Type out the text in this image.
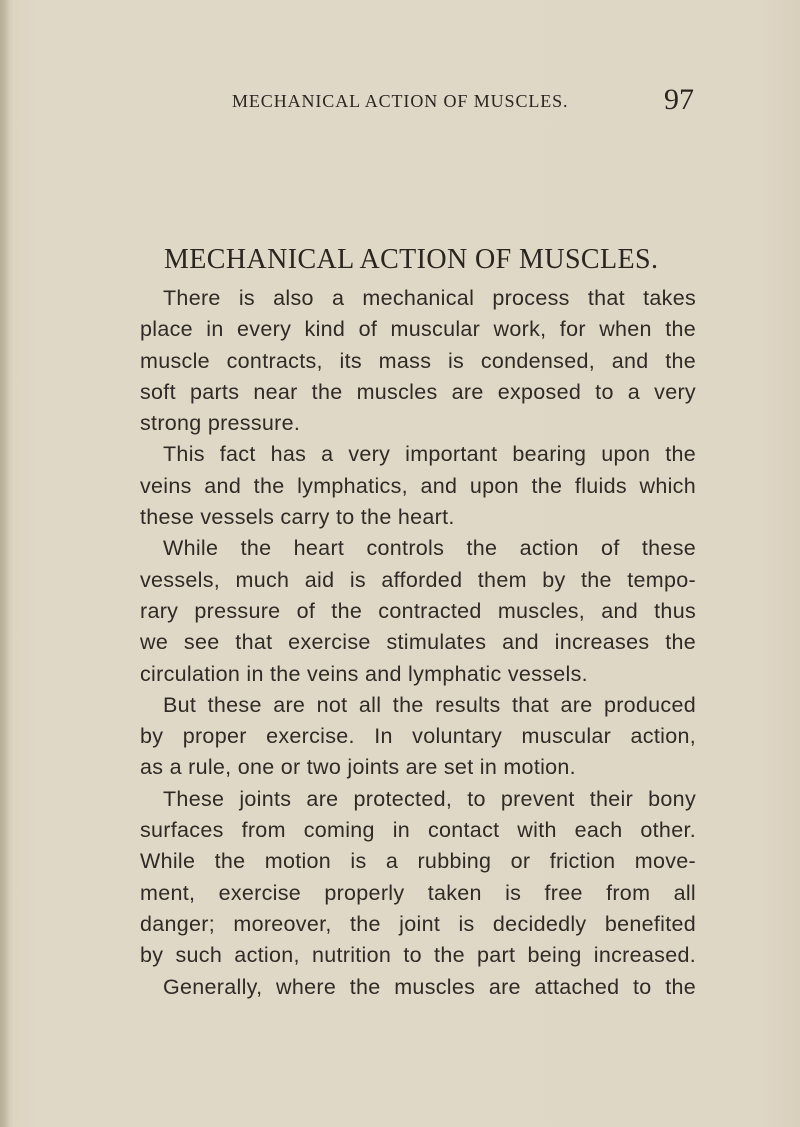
MECHANICAL ACTION OF MUSCLES.	97
MECHANICAL ACTION OF MUSCLES.
There is also a mechanical process that takes
place in every kind of muscular work, for when the
muscle contracts, its mass is condensed, and the
soft parts near the muscles are exposed to a very
strong pressure.
This fact has a very important bearing upon the
veins and the lymphatics, and upon the fluids which
these vessels carry to the heart.
While the heart controls the action of these
vessels, much aid is afforded them by the tempo-
rary pressure of the contracted muscles, and thus
we see that exercise stimulates and increases the
circulation in the veins and lymphatic vessels.
But these are not all the results that are produced
by proper exercise. In voluntary muscular action,
as a rule, one or two joints are set in motion.
These joints are protected, to prevent their bony
surfaces from coming in contact with each other.
While the motion is a rubbing or friction move-
ment, exercise properly taken is free from all
danger; moreover, the joint is decidedly benefited
by such action, nutrition to the part being increased.
Generally, where the muscles are attached to the
